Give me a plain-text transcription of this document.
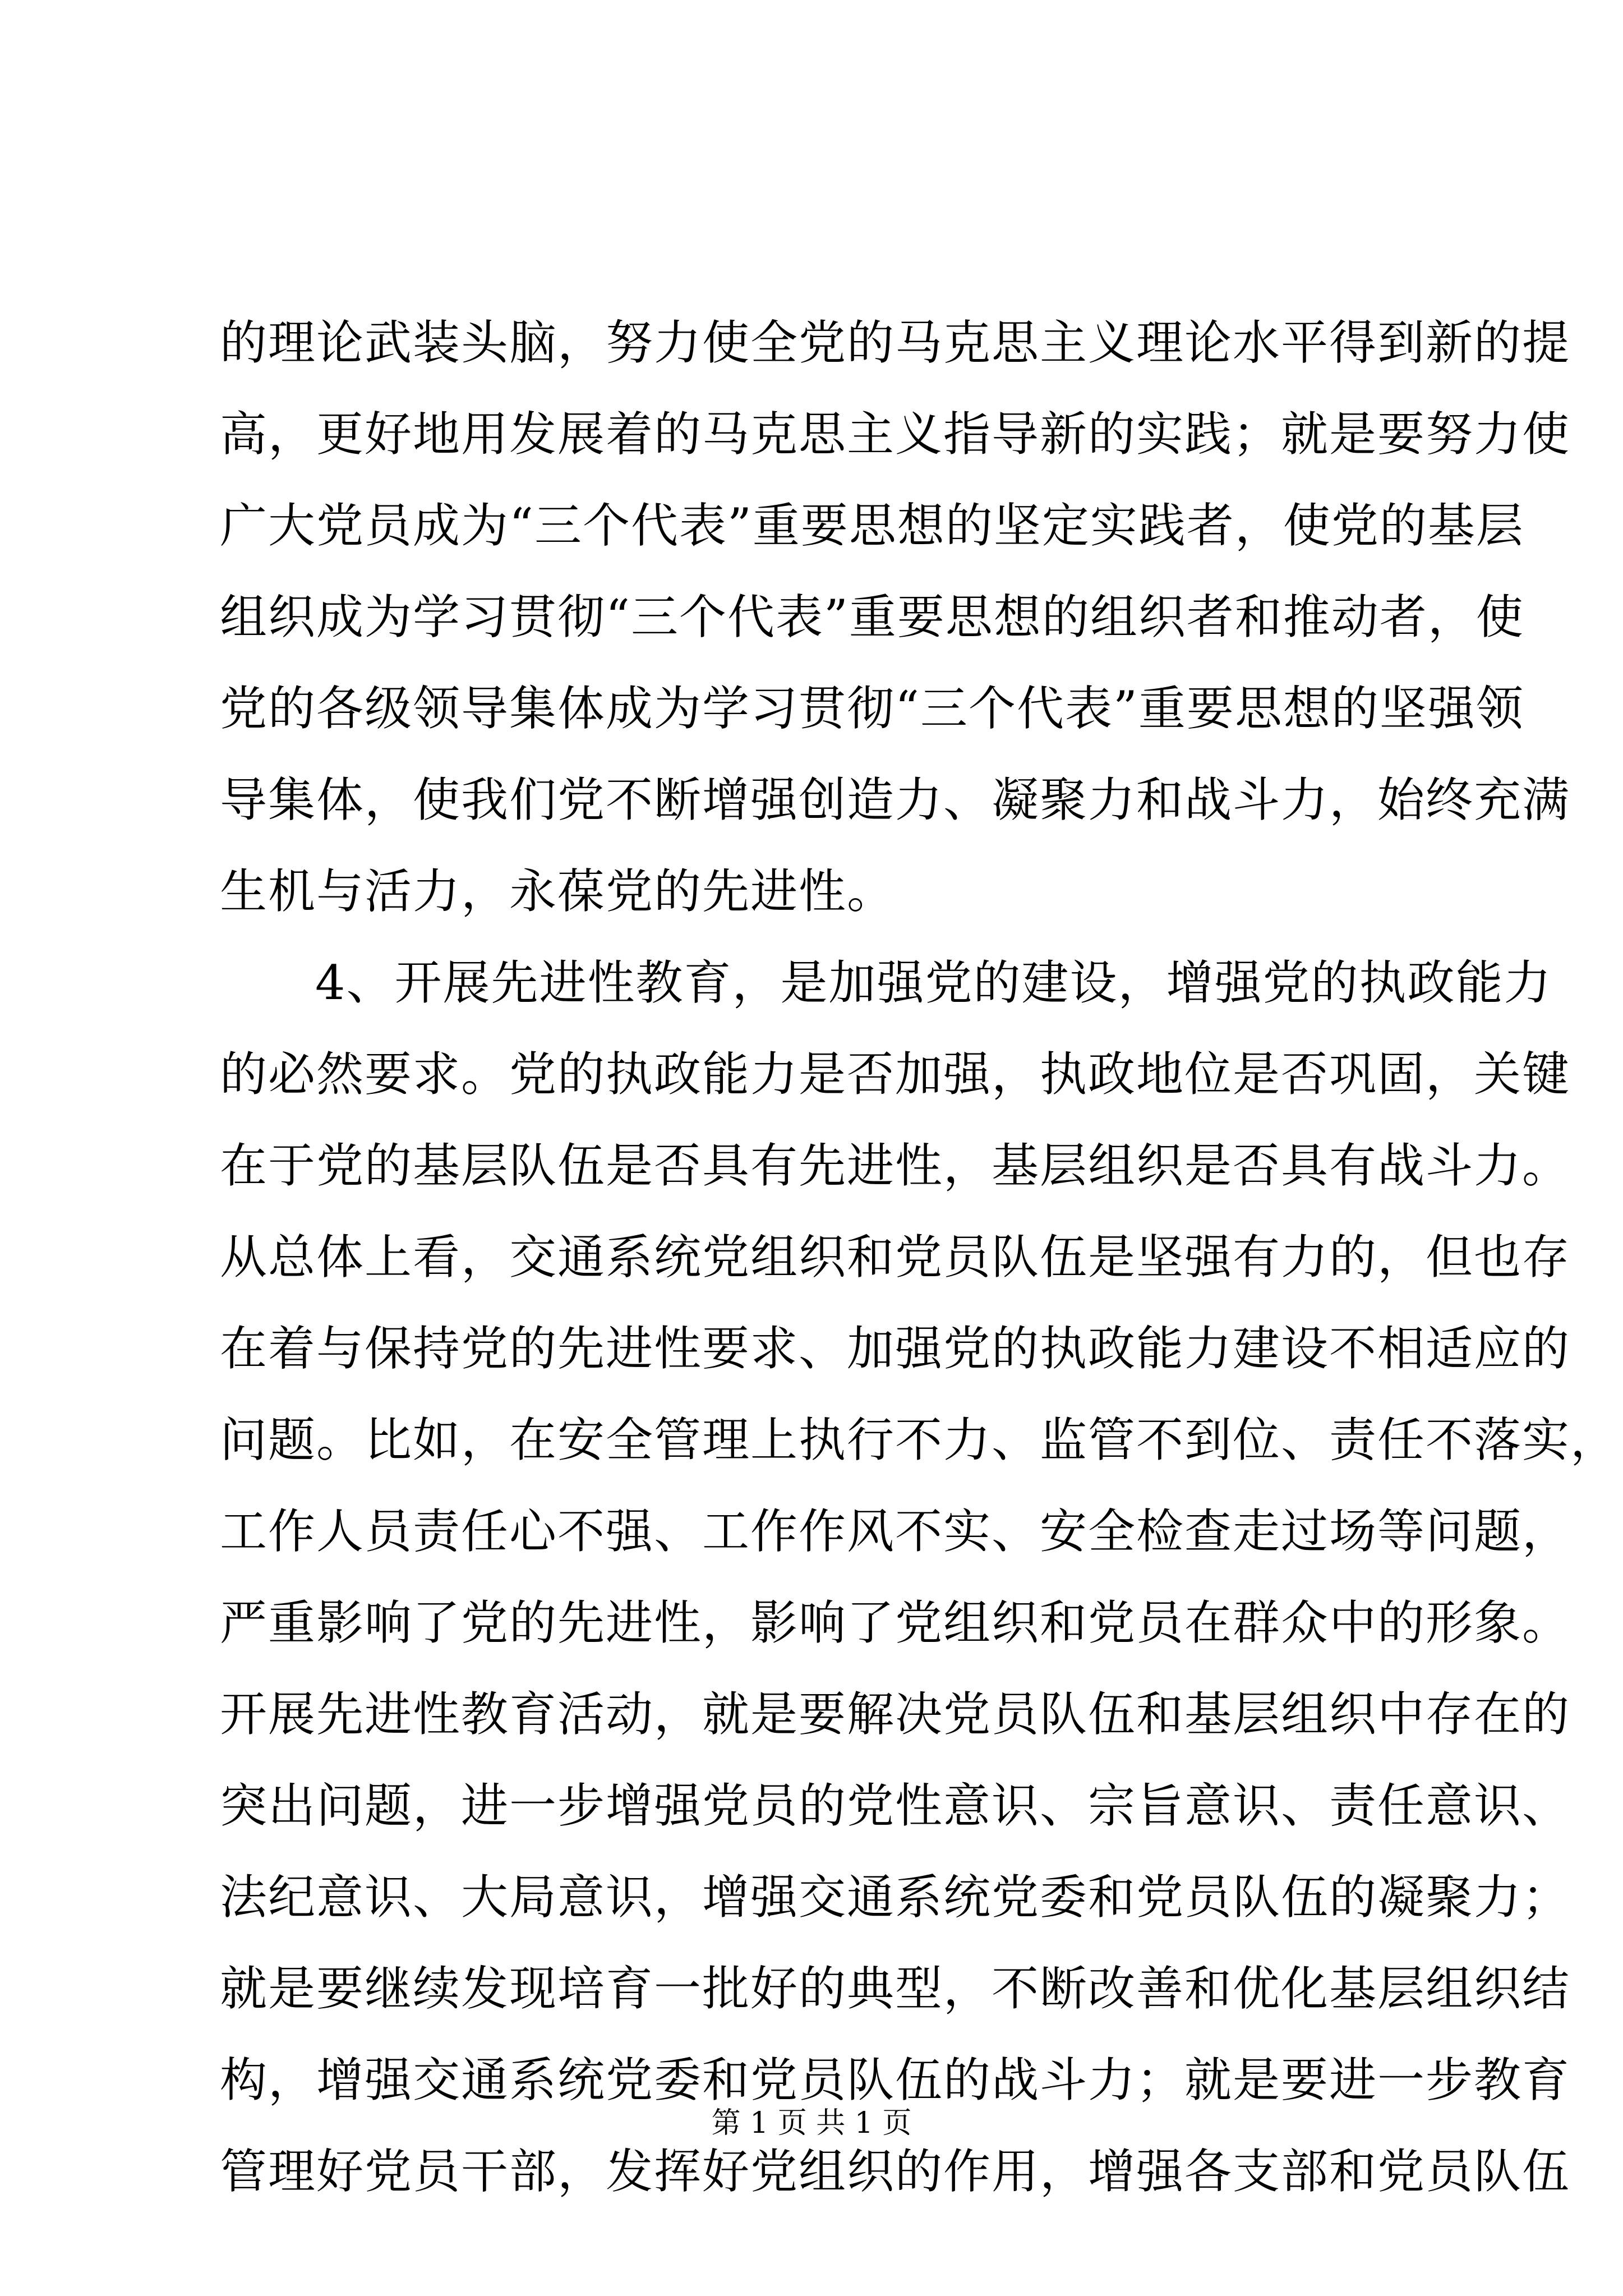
的理论武装头脑，努力使全党的马克思主义理论水平得到新的提
高，更好地用发展着的马克思主义指导新的实践；就是要努力使
广大党员成为“三个代表”重要思想的坚定实践者，使党的基层
组织成为学习贯彻“三个代表”重要思想的组织者和推动者，使
党的各级领导集体成为学习贯彻“三个代表”重要思想的坚强领
导集体，使我们党不断增强创造力、凝聚力和战斗力，始终充满
生机与活力，永葆党的先进性。
4、开展先进性教育，是加强党的建设，增强党的执政能力
的必然要求。党的执政能力是否加强，执政地位是否巩固，关键
在于党的基层队伍是否具有先进性，基层组织是否具有战斗力。
从总体上看，交通系统党组织和党员队伍是坚强有力的，但也存
在着与保持党的先进性要求、加强党的执政能力建设不相适应的
问题。比如，在安全管理上执行不力、监管不到位、责任不落实，
工作人员责任心不强、工作作风不实、安全检查走过场等问题，
严重影响了党的先进性，影响了党组织和党员在群众中的形象。
开展先进性教育活动，就是要解决党员队伍和基层组织中存在的
突出问题，进一步增强党员的党性意识、宗旨意识、责任意识、
法纪意识、大局意识，增强交通系统党委和党员队伍的凝聚力；
就是要继续发现培育一批好的典型，不断改善和优化基层组织结
构，增强交通系统党委和党员队伍的战斗力；就是要进一步教育
管理好党员干部，发挥好党组织的作用，增强各支部和党员队伍
第 1 页 共 1 页
